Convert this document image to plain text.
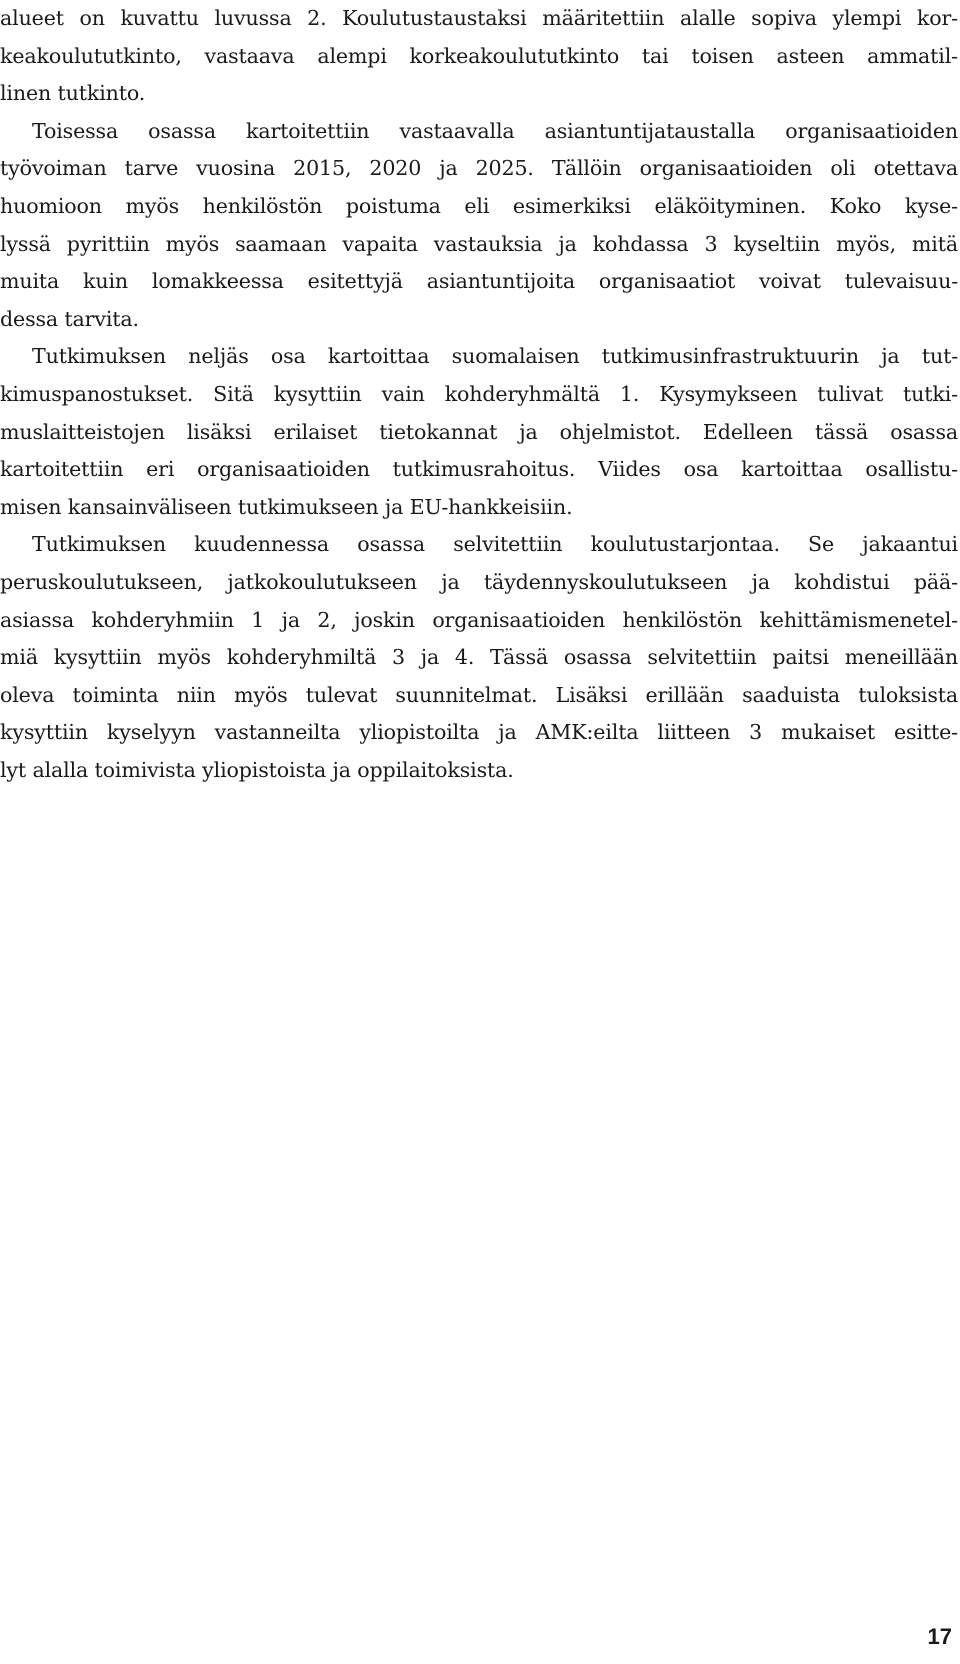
alueet on kuvattu luvussa 2. Koulutustaustaksi määritettiin alalle sopiva ylempi kor-
keakoulututkinto, vastaava alempi korkeakoulututkinto tai toisen asteen ammatil-
linen tutkinto.
Toisessa osassa kartoitettiin vastaavalla asiantuntijataustalla organisaatioiden
työvoiman tarve vuosina 2015, 2020 ja 2025. Tällöin organisaatioiden oli otettava
huomioon myös henkilöstön poistuma eli esimerkiksi eläköityminen. Koko kyse-
lyssä pyrittiin myös saamaan vapaita vastauksia ja kohdassa 3 kyseltiin myös, mitä
muita kuin lomakkeessa esitettyjä asiantuntijoita organisaatiot voivat tulevaisuu-
dessa tarvita.
Tutkimuksen neljäs osa kartoittaa suomalaisen tutkimusinfrastruktuurin ja tut-
kimuspanostukset. Sitä kysyttiin vain kohderyhmältä 1. Kysymykseen tulivat tutki-
muslaitteistojen lisäksi erilaiset tietokannat ja ohjelmistot. Edelleen tässä osassa
kartoitettiin eri organisaatioiden tutkimusrahoitus. Viides osa kartoittaa osallistu-
misen kansainväliseen tutkimukseen ja EU-hankkeisiin.
Tutkimuksen kuudennessa osassa selvitettiin koulutustarjontaa. Se jakaantui
peruskoulutukseen, jatkokoulutukseen ja täydennyskoulutukseen ja kohdistui pää-
asiassa kohderyhmiin 1 ja 2, joskin organisaatioiden henkilöstön kehittämismenetel-
miä kysyttiin myös kohderyhmiltä 3 ja 4. Tässä osassa selvitettiin paitsi meneillään
oleva toiminta niin myös tulevat suunnitelmat. Lisäksi erillään saaduista tuloksista
kysyttiin kyselyyn vastanneilta yliopistoilta ja AMK:eilta liitteen 3 mukaiset esitte-
lyt alalla toimivista yliopistoista ja oppilaitoksista.
17
